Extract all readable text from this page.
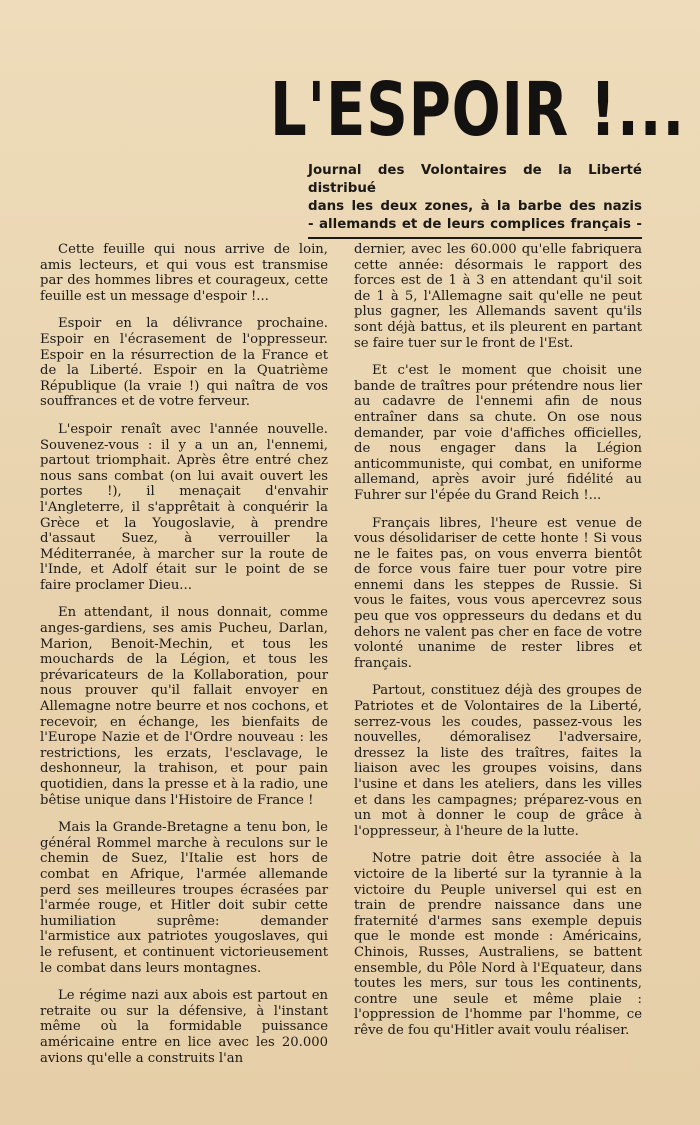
L'ESPOIR !...
Journal des Volontaires de la Liberté distribué
dans les deux zones, à la barbe des nazis
- allemands et de leurs complices français -

Cette feuille qui nous arrive de loin, amis lecteurs, et qui vous est transmise par des hommes libres et courageux, cette feuille est un message d'espoir !...

Espoir en la délivrance prochaine. Espoir en l'écrasement de l'oppresseur. Espoir en la résurrection de la France et de la Liberté. Espoir en la Quatrième République (la vraie !) qui naîtra de vos souffrances et de votre ferveur.

L'espoir renaît avec l'année nouvelle. Souvenez-vous : il y a un an, l'ennemi, partout triomphait. Après être entré chez nous sans combat (on lui avait ouvert les portes !), il menaçait d'envahir l'Angleterre, il s'apprêtait à conquérir la Grèce et la Yougoslavie, à prendre d'assaut Suez, à verrouiller la Méditerranée, à marcher sur la route de l'Inde, et Adolf était sur le point de se faire proclamer Dieu...

En attendant, il nous donnait, comme anges-gardiens, ses amis Pucheu, Darlan, Marion, Benoit-Mechin, et tous les mouchards de la Légion, et tous les prévaricateurs de la Kollaboration, pour nous prouver qu'il fallait envoyer en Allemagne notre beurre et nos cochons, et recevoir, en échange, les bienfaits de l'Europe Nazie et de l'Ordre nouveau : les restrictions, les erzats, l'esclavage, le deshonneur, la trahison, et pour pain quotidien, dans la presse et à la radio, une bêtise unique dans l'Histoire de France !

Mais la Grande-Bretagne a tenu bon, le général Rommel marche à reculons sur le chemin de Suez, l'Italie est hors de combat en Afrique, l'armée allemande perd ses meilleures troupes écrasées par l'armée rouge, et Hitler doit subir cette humiliation suprême: demander l'armistice aux patriotes yougoslaves, qui le refusent, et continuent victorieusement le combat dans leurs montagnes.

Le régime nazi aux abois est partout en retraite ou sur la défensive, à l'instant même où la formidable puissance américaine entre en lice avec les 20.000 avions qu'elle a construits l'an

dernier, avec les 60.000 qu'elle fabriquera cette année: désormais le rapport des forces est de 1 à 3 en attendant qu'il soit de 1 à 5, l'Allemagne sait qu'elle ne peut plus gagner, les Allemands savent qu'ils sont déjà battus, et ils pleurent en partant se faire tuer sur le front de l'Est.

Et c'est le moment que choisit une bande de traîtres pour prétendre nous lier au cadavre de l'ennemi afin de nous entraîner dans sa chute. On ose nous demander, par voie d'affiches officielles, de nous engager dans la Légion anticommuniste, qui combat, en uniforme allemand, après avoir juré fidélité au Fuhrer sur l'épée du Grand Reich !...

Français libres, l'heure est venue de vous désolidariser de cette honte ! Si vous ne le faites pas, on vous enverra bientôt de force vous faire tuer pour votre pire ennemi dans les steppes de Russie. Si vous le faites, vous vous apercevrez sous peu que vos oppresseurs du dedans et du dehors ne valent pas cher en face de votre volonté unanime de rester libres et français.

Partout, constituez déjà des groupes de Patriotes et de Volontaires de la Liberté, serrez-vous les coudes, passez-vous les nouvelles, démoralisez l'adversaire, dressez la liste des traîtres, faites la liaison avec les groupes voisins, dans l'usine et dans les ateliers, dans les villes et dans les campagnes; préparez-vous en un mot à donner le coup de grâce à l'oppresseur, à l'heure de la lutte.

Notre patrie doit être associée à la victoire de la liberté sur la tyrannie à la victoire du Peuple universel qui est en train de prendre naissance dans une fraternité d'armes sans exemple depuis que le monde est monde : Américains, Chinois, Russes, Australiens, se battent ensemble, du Pôle Nord à l'Equateur, dans toutes les mers, sur tous les continents, contre une seule et même plaie : l'oppression de l'homme par l'homme, ce rêve de fou qu'Hitler avait voulu réaliser.
